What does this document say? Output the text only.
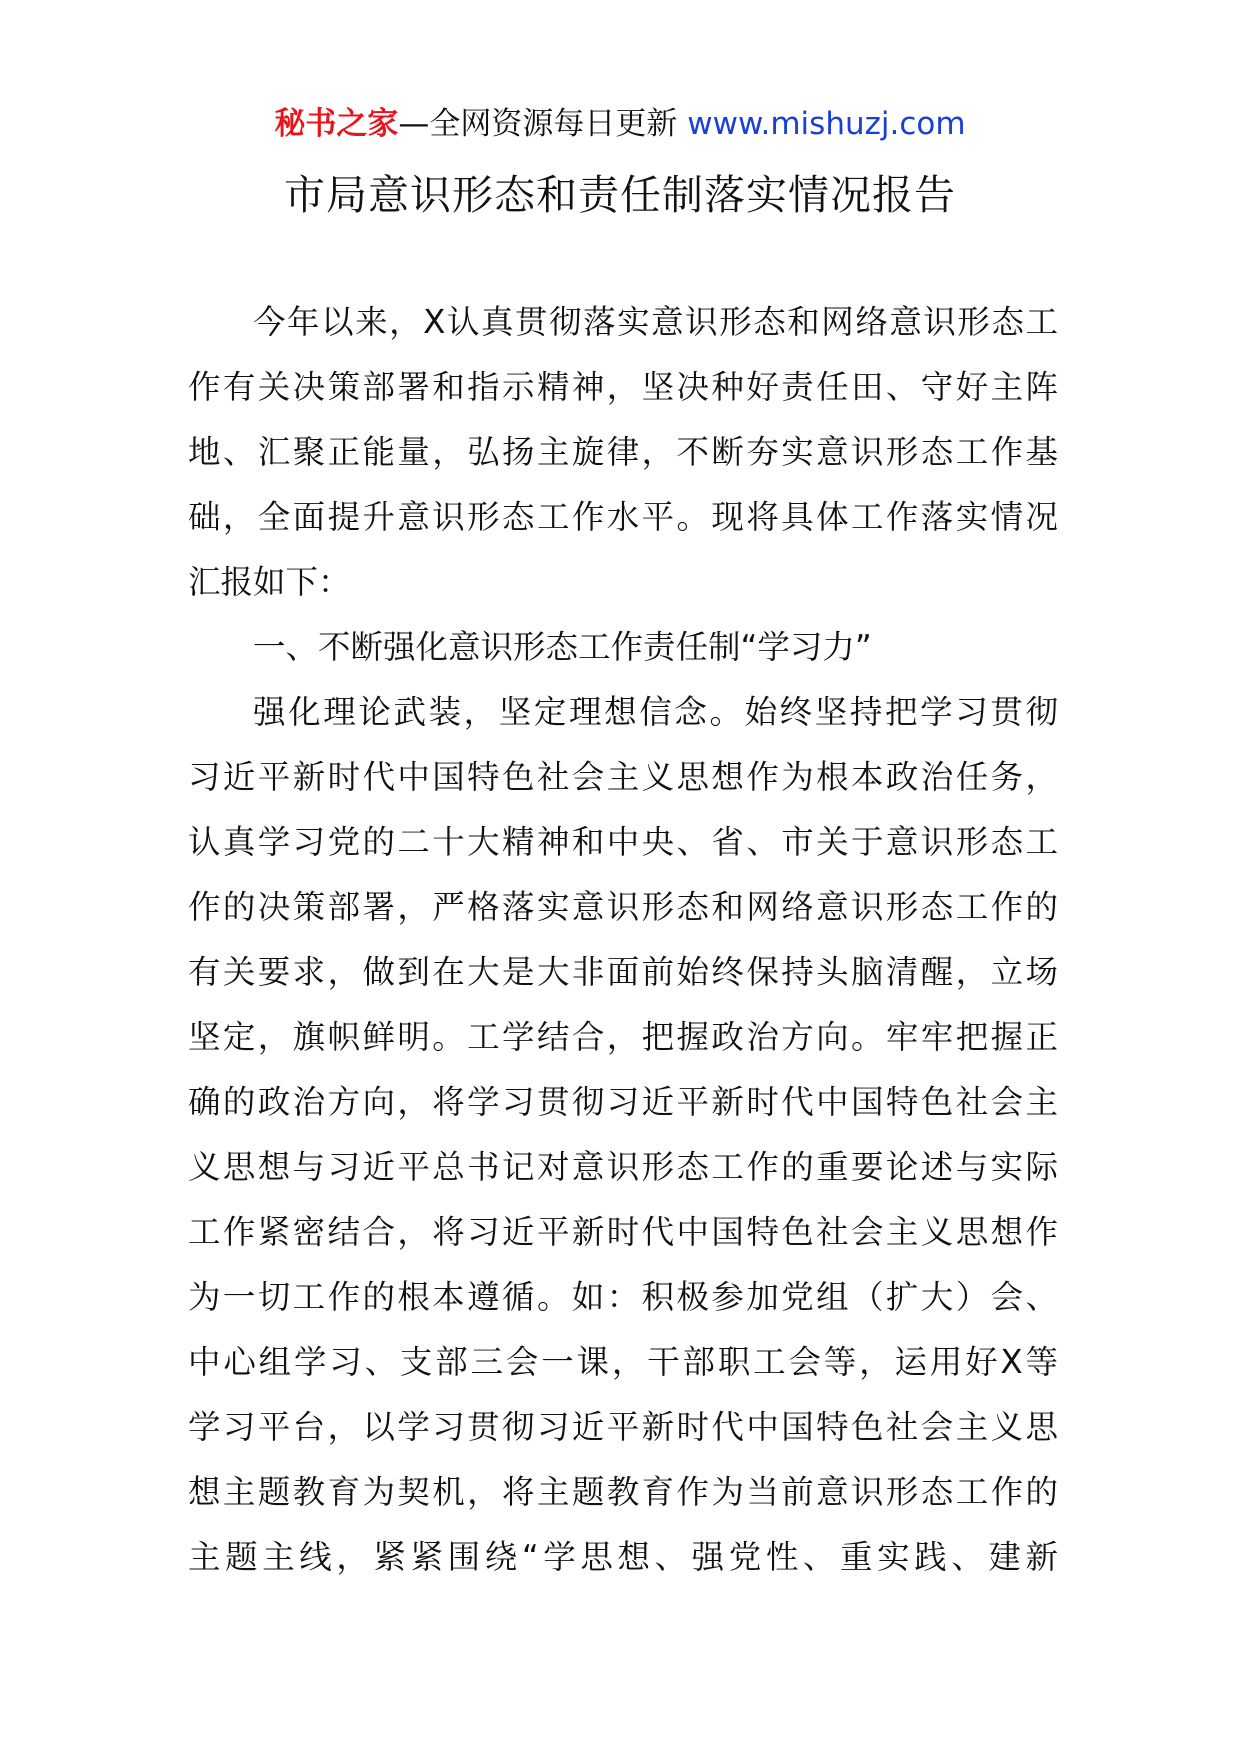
秘书之家—全网资源每日更新 www.mishuzj.com
市局意识形态和责任制落实情况报告
今年以来，X认真贯彻落实意识形态和网络意识形态工
作有关决策部署和指示精神，坚决种好责任田、守好主阵
地、汇聚正能量，弘扬主旋律，不断夯实意识形态工作基
础，全面提升意识形态工作水平。现将具体工作落实情况
汇报如下：
一、不断强化意识形态工作责任制“学习力”
强化理论武装，坚定理想信念。始终坚持把学习贯彻
习近平新时代中国特色社会主义思想作为根本政治任务，
认真学习党的二十大精神和中央、省、市关于意识形态工
作的决策部署，严格落实意识形态和网络意识形态工作的
有关要求，做到在大是大非面前始终保持头脑清醒，立场
坚定，旗帜鲜明。工学结合，把握政治方向。牢牢把握正
确的政治方向，将学习贯彻习近平新时代中国特色社会主
义思想与习近平总书记对意识形态工作的重要论述与实际
工作紧密结合，将习近平新时代中国特色社会主义思想作
为一切工作的根本遵循。如：积极参加党组（扩大）会、
中心组学习、支部三会一课，干部职工会等，运用好X等
学习平台，以学习贯彻习近平新时代中国特色社会主义思
想主题教育为契机，将主题教育作为当前意识形态工作的
主题主线，紧紧围绕“学思想、强党性、重实践、建新
